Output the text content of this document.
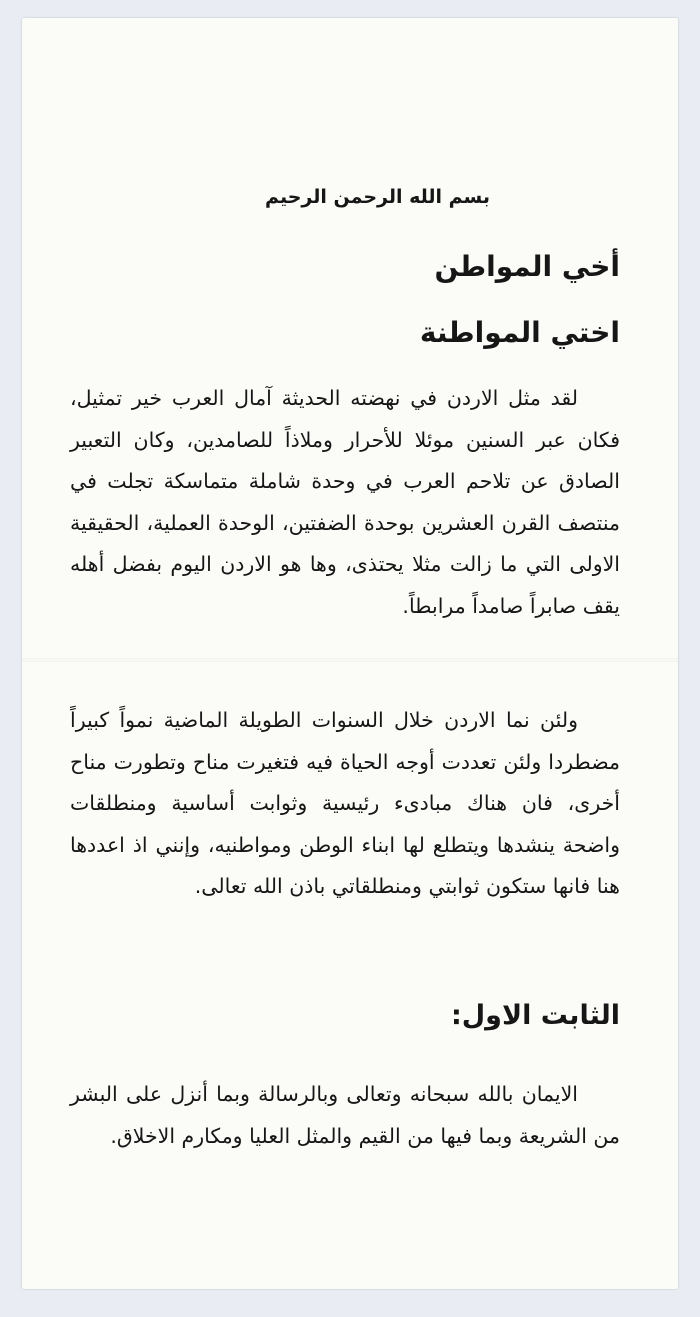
بسم الله الرحمن الرحيم
أخي المواطن
اختي المواطنة
لقد مثل الاردن في نهضته الحديثة آمال العرب خير تمثيل، فكان عبر السنين موئلا للأحرار وملاذاً للصامدين، وكان التعبير الصادق عن تلاحم العرب في وحدة شاملة متماسكة تجلت في منتصف القرن العشرين بوحدة الضفتين، الوحدة العملية، الحقيقية الاولى التي ما زالت مثلا يحتذى، وها هو الاردن اليوم بفضل أهله يقف صابراً صامداً مرابطاً.
ولئن نما الاردن خلال السنوات الطويلة الماضية نمواً كبيراً مضطردا ولئن تعددت أوجه الحياة فيه فتغيرت مناح وتطورت مناح أخرى، فان هناك مبادىء رئيسية وثوابت أساسية ومنطلقات واضحة ينشدها ويتطلع لها ابناء الوطن ومواطنيه، وإنني اذ اعددها هنا فانها ستكون ثوابتي ومنطلقاتي باذن الله تعالى.
الثابت الاول:
الايمان بالله سبحانه وتعالى وبالرسالة وبما أنزل على البشر من الشريعة وبما فيها من القيم والمثل العليا ومكارم الاخلاق.
